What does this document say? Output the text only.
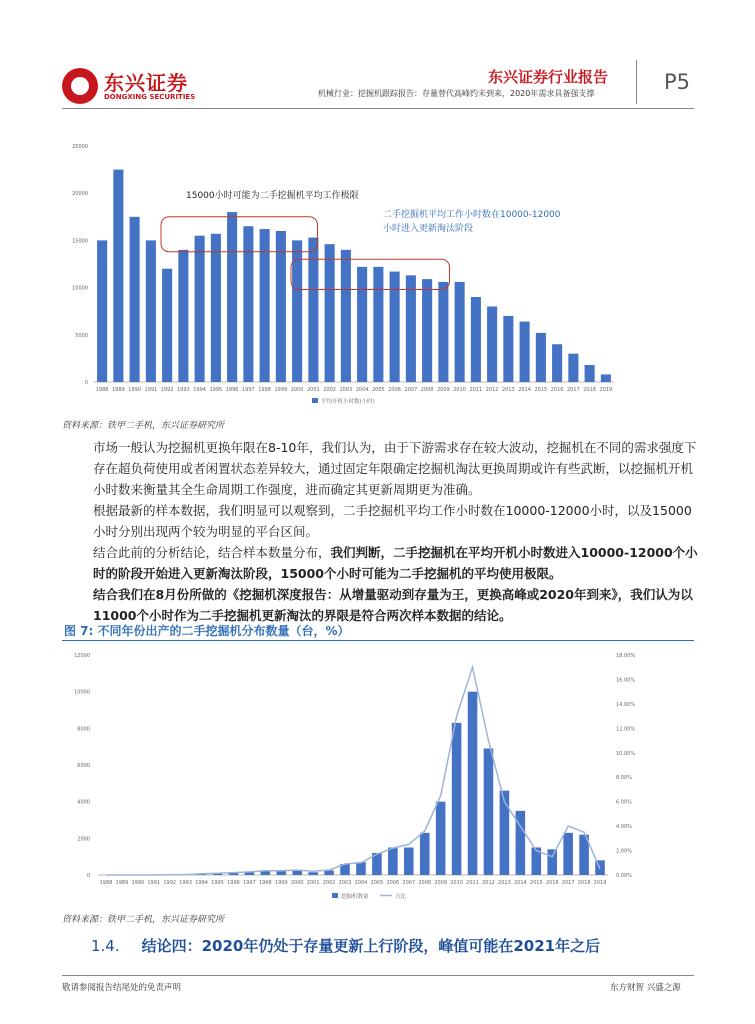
东兴证券
DONGXING SECURITIES
东兴证券行业报告
机械行业：挖掘机跟踪报告：存量替代高峰约未到来，2020年需求具备强支撑	P5
0
5000
10000
15000
20000
25000
1988 1989 1990 1991 1992 1993 1994 1995 1996 1997 1998 1999 2000 2001 2002 2003 2004 2005 2006 2007 2008 2009 2010 2011 2012 2013 2014 2015 2016 2017 2018 2019
平均开机小时数(小时)
15000小时可能为二手挖掘机平均工作极限
二手挖掘机平均工作小时数在10000-12000小时进入更新淘汰阶段
资料来源：铁甲二手机，东兴证券研究所
市场一般认为挖掘机更换年限在8-10年，我们认为，由于下游需求存在较大波动，挖掘机在不同的需求强度下存在超负荷使用或者闲置状态差异较大，通过固定年限确定挖掘机淘汰更换周期或许有些武断，以挖掘机开机小时数来衡量其全生命周期工作强度，进而确定其更新周期更为准确。
根据最新的样本数据，我们明显可以观察到，二手挖掘机平均工作小时数在10000-12000小时，以及15000小时分别出现两个较为明显的平台区间。
结合此前的分析结论，结合样本数量分布，我们判断，二手挖掘机在平均开机小时数进入10000-12000个小时的阶段开始进入更新淘汰阶段，15000个小时可能为二手挖掘机的平均使用极限。
结合我们在8月份所做的《挖掘机深度报告：从增量驱动到存量为王，更换高峰或2020年到来》，我们认为以11000个小时作为二手挖掘机更新淘汰的界限是符合两次样本数据的结论。
图 7: 不同年份出产的二手挖掘机分布数量（台，%）
0
2000
4000
6000
8000
10000
12000
0.00%
2.00%
4.00%
6.00%
8.00%
10.00%
12.00%
14.00%
16.00%
18.00%
1988 1989 1990 1991 1992 1993 1994 1995 1996 1997 1998 1999 2000 2001 2002 2003 2004 2005 2006 2007 2008 2009 2010 2011 2012 2013 2014 2015 2016 2017 2018 2019
挖掘机数量	占比
资料来源：铁甲二手机，东兴证券研究所
1.4. 结论四：2020年仍处于存量更新上行阶段，峰值可能在2021年之后
敬请参阅报告结尾处的免责声明	东方财智 兴盛之源
